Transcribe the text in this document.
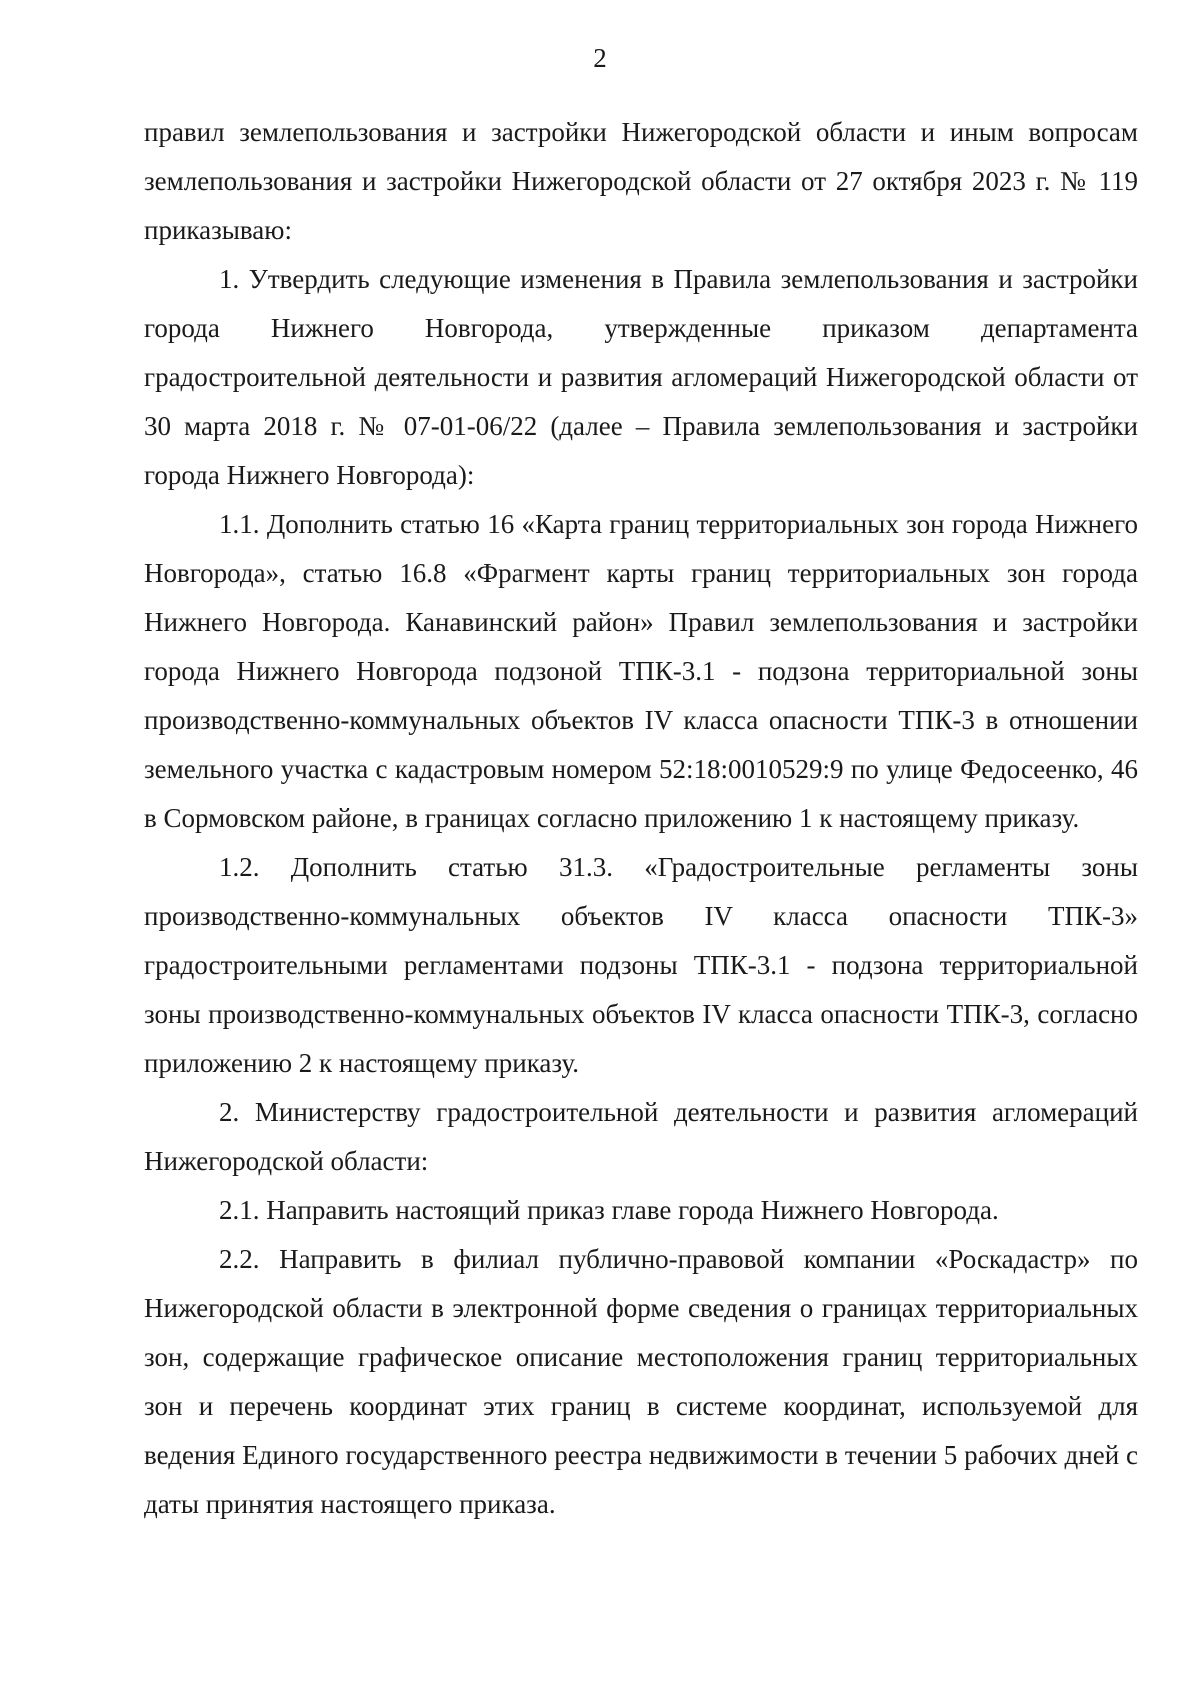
2

правил землепользования и застройки Нижегородской области и иным вопросам землепользования и застройки Нижегородской области от 27 октября 2023 г. № 119 приказываю:

1. Утвердить следующие изменения в Правила землепользования и застройки города Нижнего Новгорода, утвержденные приказом департамента градостроительной деятельности и развития агломераций Нижегородской области от 30 марта 2018 г. № 07-01-06/22 (далее – Правила землепользования и застройки города Нижнего Новгорода):

1.1. Дополнить статью 16 «Карта границ территориальных зон города Нижнего Новгорода», статью 16.8 «Фрагмент карты границ территориальных зон города Нижнего Новгорода. Канавинский район» Правил землепользования и застройки города Нижнего Новгорода подзоной ТПК-3.1 - подзона территориальной зоны производственно-коммунальных объектов IV класса опасности ТПК-3 в отношении земельного участка с кадастровым номером 52:18:0010529:9 по улице Федосеенко, 46 в Сормовском районе, в границах согласно приложению 1 к настоящему приказу.

1.2. Дополнить статью 31.3. «Градостроительные регламенты зоны производственно-коммунальных объектов IV класса опасности ТПК-3» градостроительными регламентами подзоны ТПК-3.1 - подзона территориальной зоны производственно-коммунальных объектов IV класса опасности ТПК-3, согласно приложению 2 к настоящему приказу.

2. Министерству градостроительной деятельности и развития агломераций Нижегородской области:

2.1. Направить настоящий приказ главе города Нижнего Новгорода.

2.2. Направить в филиал публично-правовой компании «Роскадастр» по Нижегородской области в электронной форме сведения о границах территориальных зон, содержащие графическое описание местоположения границ территориальных зон и перечень координат этих границ в системе координат, используемой для ведения Единого государственного реестра недвижимости в течении 5 рабочих дней с даты принятия настоящего приказа.
